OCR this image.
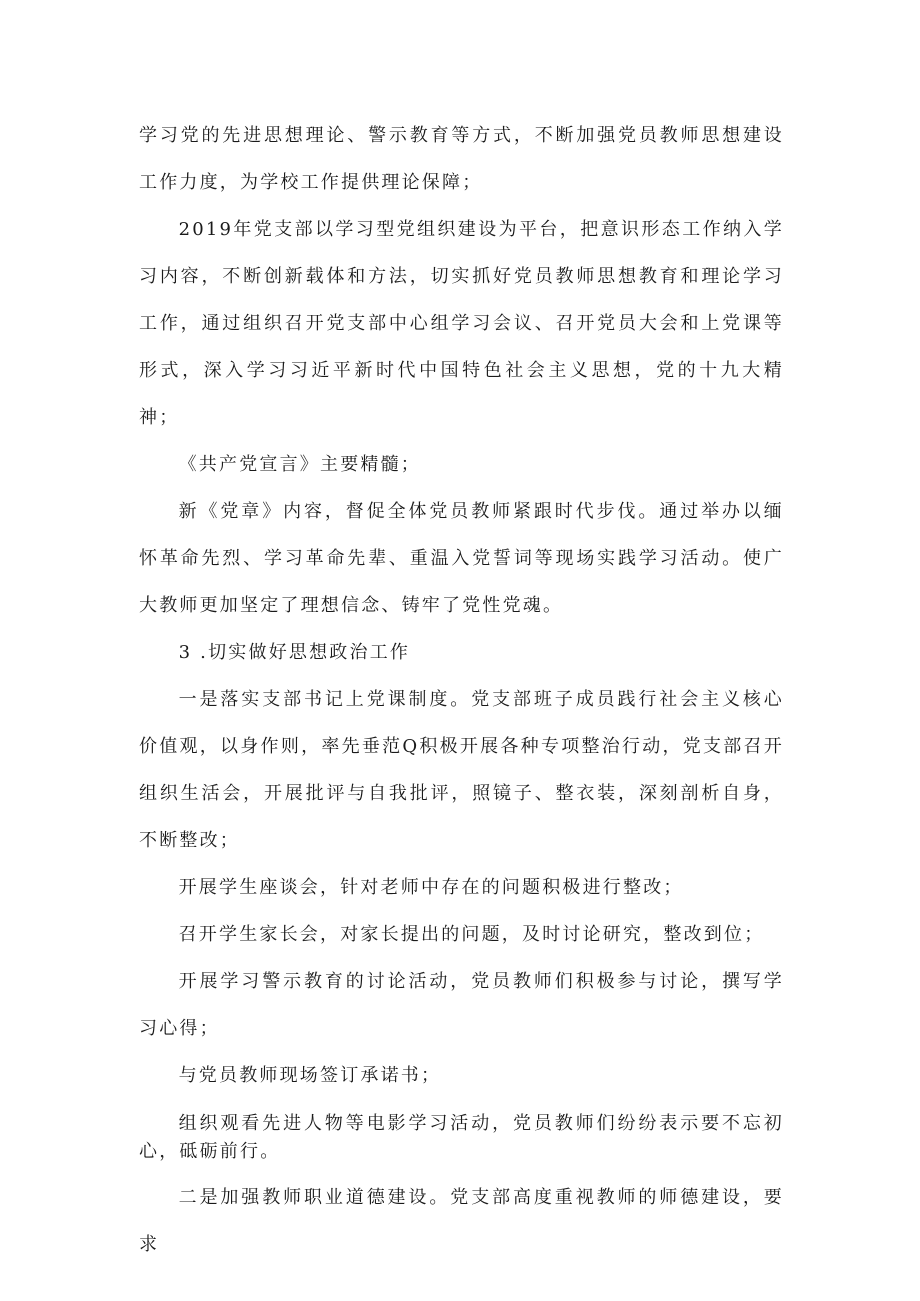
学习党的先进思想理论、警示教育等方式，不断加强党员教师思想建设工作力度，为学校工作提供理论保障；

2019年党支部以学习型党组织建设为平台，把意识形态工作纳入学习内容，不断创新载体和方法，切实抓好党员教师思想教育和理论学习工作，通过组织召开党支部中心组学习会议、召开党员大会和上党课等形式，深入学习习近平新时代中国特色社会主义思想，党的十九大精神；

《共产党宣言》主要精髓；

新《党章》内容，督促全体党员教师紧跟时代步伐。通过举办以缅怀革命先烈、学习革命先辈、重温入党誓词等现场实践学习活动。使广大教师更加坚定了理想信念、铸牢了党性党魂。

3 .切实做好思想政治工作

一是落实支部书记上党课制度。党支部班子成员践行社会主义核心价值观，以身作则，率先垂范Q积极开展各种专项整治行动，党支部召开组织生活会，开展批评与自我批评，照镜子、整衣装，深刻剖析自身，不断整改；

开展学生座谈会，针对老师中存在的问题积极进行整改；

召开学生家长会，对家长提出的问题，及时讨论研究，整改到位；

开展学习警示教育的讨论活动，党员教师们积极参与讨论，撰写学习心得；

与党员教师现场签订承诺书；

组织观看先进人物等电影学习活动，党员教师们纷纷表示要不忘初心，砥砺前行。

二是加强教师职业道德建设。党支部高度重视教师的师德建设，要求
